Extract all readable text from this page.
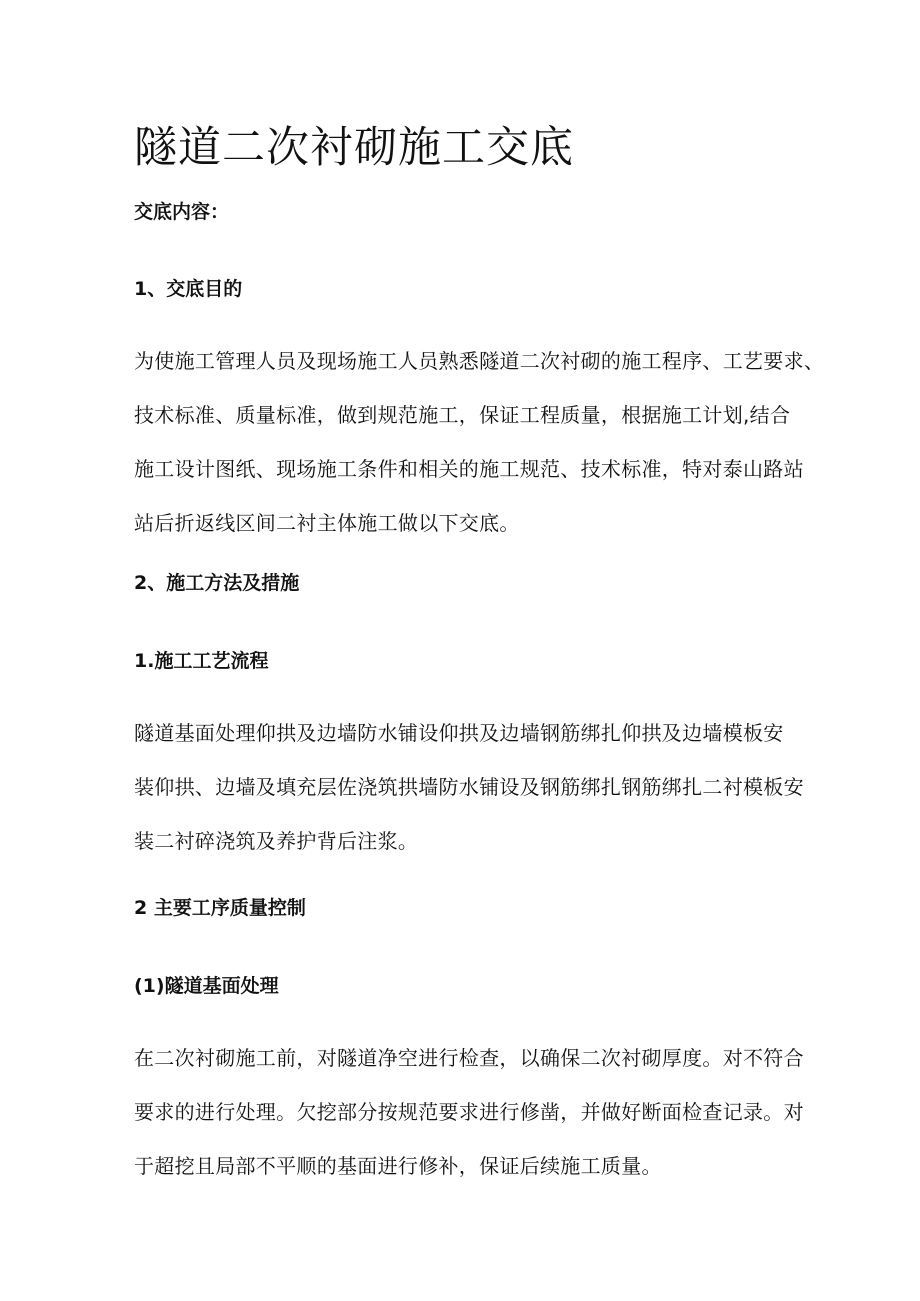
隧道二次衬砌施工交底
交底内容：
1、交底目的
为使施工管理人员及现场施工人员熟悉隧道二次衬砌的施工程序、工艺要求、
技术标准、质量标准，做到规范施工，保证工程质量，根据施工计划,结合
施工设计图纸、现场施工条件和相关的施工规范、技术标准，特对泰山路站
站后折返线区间二衬主体施工做以下交底。
2、施工方法及措施
1.施工工艺流程
隧道基面处理仰拱及边墙防水铺设仰拱及边墙钢筋绑扎仰拱及边墙模板安
装仰拱、边墙及填充层佐浇筑拱墙防水铺设及钢筋绑扎钢筋绑扎二衬模板安
装二衬碎浇筑及养护背后注浆。
2 主要工序质量控制
(1)隧道基面处理
在二次衬砌施工前，对隧道净空进行检查，以确保二次衬砌厚度。对不符合
要求的进行处理。欠挖部分按规范要求进行修凿，并做好断面检查记录。对
于超挖且局部不平顺的基面进行修补，保证后续施工质量。
